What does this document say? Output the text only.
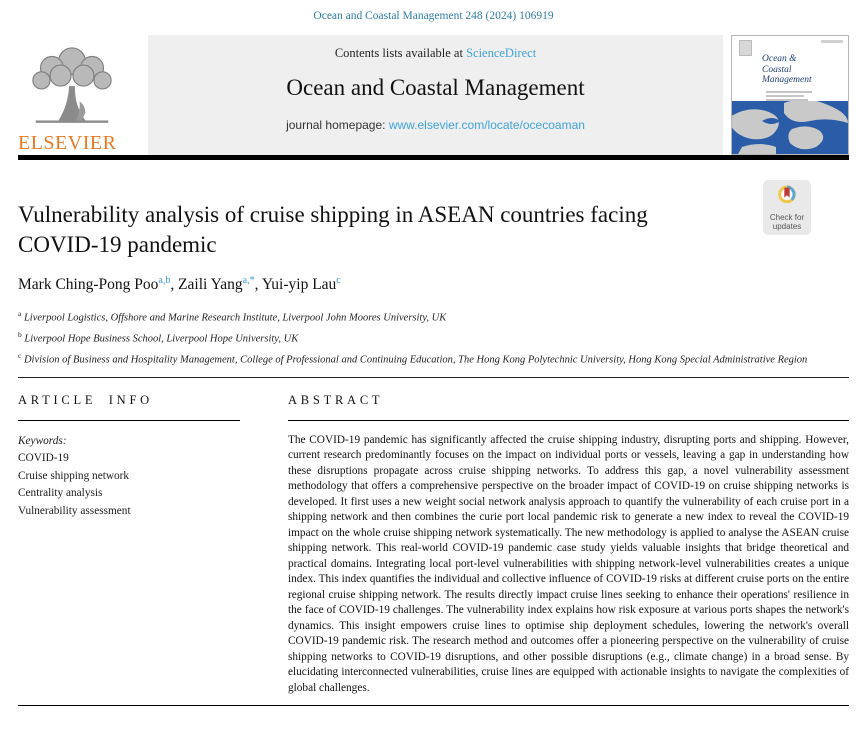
Ocean and Coastal Management 248 (2024) 106919
ELSEVIER
Contents lists available at ScienceDirect
Ocean and Coastal Management
journal homepage: www.elsevier.com/locate/ocecoaman
Ocean & Coastal Management
Check for
updates
Vulnerability analysis of cruise shipping in ASEAN countries facing COVID-19 pandemic
Mark Ching-Pong Poo$^{a,b}$, Zaili Yang$^{a,*}$, Yui-yip Lau$^c$
$^a$ Liverpool Logistics, Offshore and Marine Research Institute, Liverpool John Moores University, UK
$^b$ Liverpool Hope Business School, Liverpool Hope University, UK
$^c$ Division of Business and Hospitality Management, College of Professional and Continuing Education, The Hong Kong Polytechnic University, Hong Kong Special Administrative Region
ARTICLE INFO
Keywords:
COVID-19
Cruise shipping network
Centrality analysis
Vulnerability assessment
ABSTRACT

The COVID-19 pandemic has significantly affected the cruise shipping industry, disrupting ports and shipping. However, current research predominantly focuses on the impact on individual ports or vessels, leaving a gap in understanding how these disruptions propagate across cruise shipping networks. To address this gap, a novel vulnerability assessment methodology that offers a comprehensive perspective on the broader impact of COVID-19 on cruise shipping networks is developed. It first uses a new weight social network analysis approach to quantify the vulnerability of each cruise port in a shipping network and then combines the curie port local pandemic risk to generate a new index to reveal the COVID-19 impact on the whole cruise shipping network systematically. The new methodology is applied to analyse the ASEAN cruise shipping network. This real-world COVID-19 pandemic case study yields valuable insights that bridge theoretical and practical domains. Integrating local port-level vulnerabilities with shipping network-level vulnerabilities creates a unique index. This index quantifies the individual and collective influence of COVID-19 risks at different cruise ports on the entire regional cruise shipping network. The results directly impact cruise lines seeking to enhance their operations' resilience in the face of COVID-19 challenges. The vulnerability index explains how risk exposure at various ports shapes the network's dynamics. This insight empowers cruise lines to optimise ship deployment schedules, lowering the network's overall COVID-19 pandemic risk. The research method and outcomes offer a pioneering perspective on the vulnerability of cruise shipping networks to COVID-19 disruptions, and other possible disruptions (e.g., climate change) in a broad sense. By elucidating interconnected vulnerabilities, cruise lines are equipped with actionable insights to navigate the complexities of global challenges.
